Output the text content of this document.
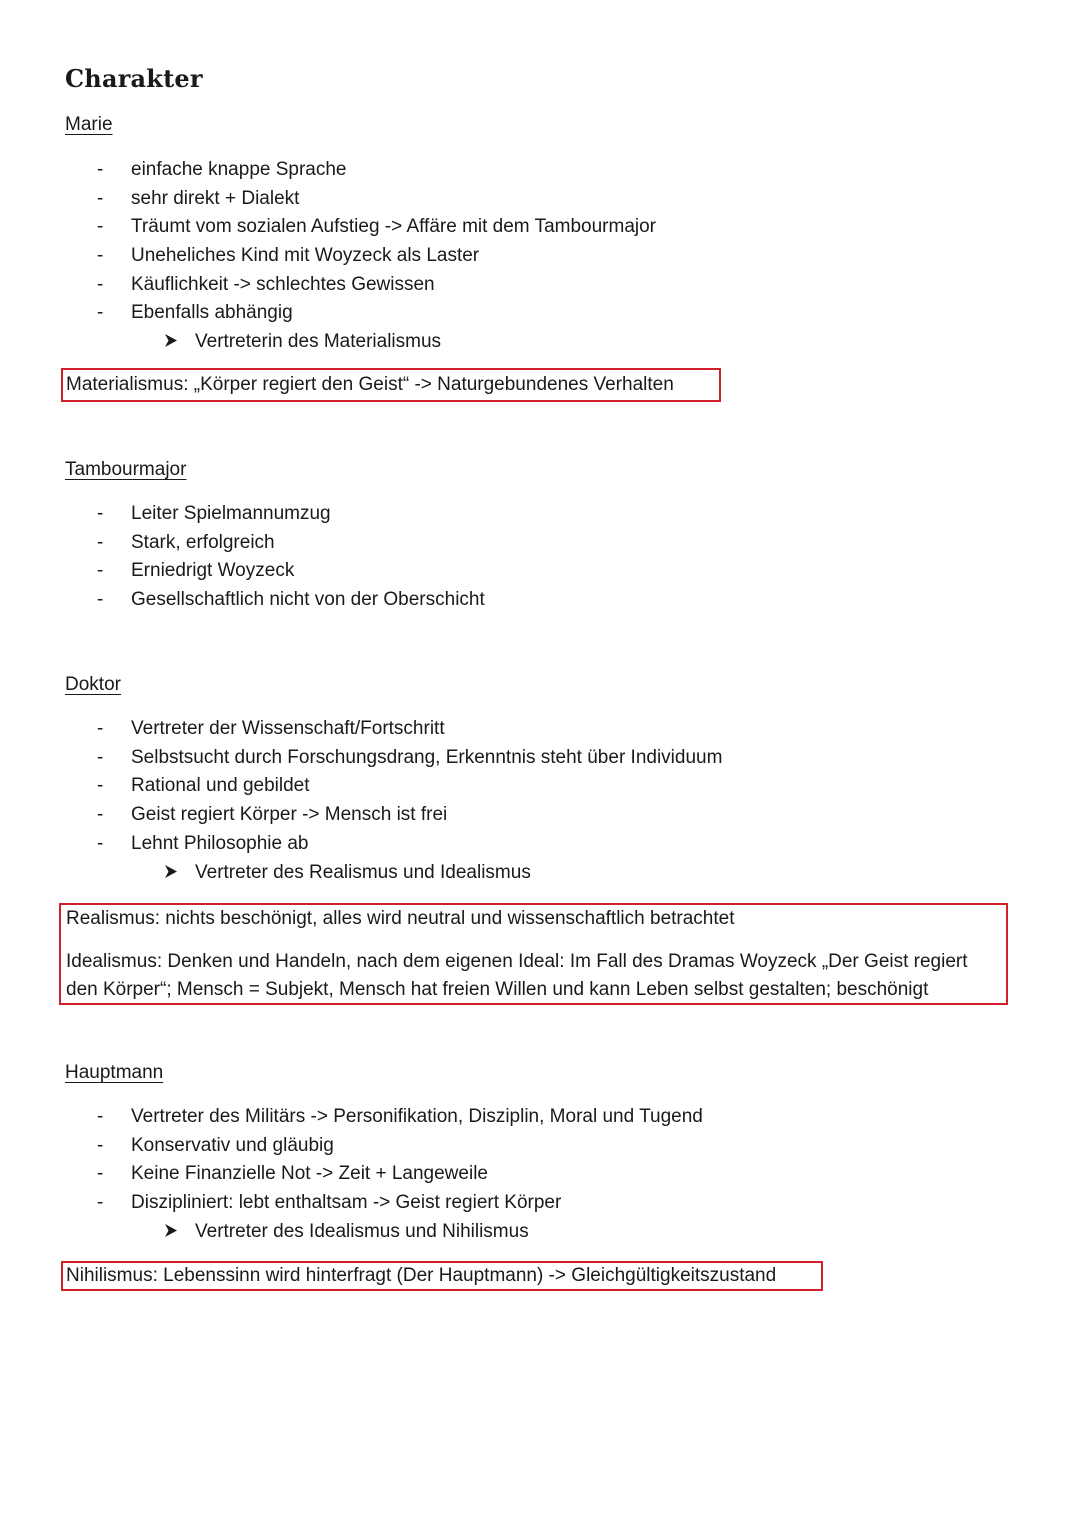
Charakter
Marie
- einfache knappe Sprache
- sehr direkt + Dialekt
- Träumt vom sozialen Aufstieg -> Affäre mit dem Tambourmajor
- Uneheliches Kind mit Woyzeck als Laster
- Käuflichkeit -> schlechtes Gewissen
- Ebenfalls abhängig
Vertreterin des Materialismus
Materialismus: „Körper regiert den Geist“ -> Naturgebundenes Verhalten
Tambourmajor
- Leiter Spielmannumzug
- Stark, erfolgreich
- Erniedrigt Woyzeck
- Gesellschaftlich nicht von der Oberschicht
Doktor
- Vertreter der Wissenschaft/Fortschritt
- Selbstsucht durch Forschungsdrang, Erkenntnis steht über Individuum
- Rational und gebildet
- Geist regiert Körper -> Mensch ist frei
- Lehnt Philosophie ab
Vertreter des Realismus und Idealismus
Realismus: nichts beschönigt, alles wird neutral und wissenschaftlich betrachtet
Idealismus: Denken und Handeln, nach dem eigenen Ideal: Im Fall des Dramas Woyzeck „Der Geist regiert
den Körper“; Mensch = Subjekt, Mensch hat freien Willen und kann Leben selbst gestalten; beschönigt
Hauptmann
- Vertreter des Militärs -> Personifikation, Disziplin, Moral und Tugend
- Konservativ und gläubig
- Keine Finanzielle Not -> Zeit + Langeweile
- Diszipliniert: lebt enthaltsam -> Geist regiert Körper
Vertreter des Idealismus und Nihilismus
Nihilismus: Lebenssinn wird hinterfragt (Der Hauptmann) -> Gleichgültigkeitszustand
